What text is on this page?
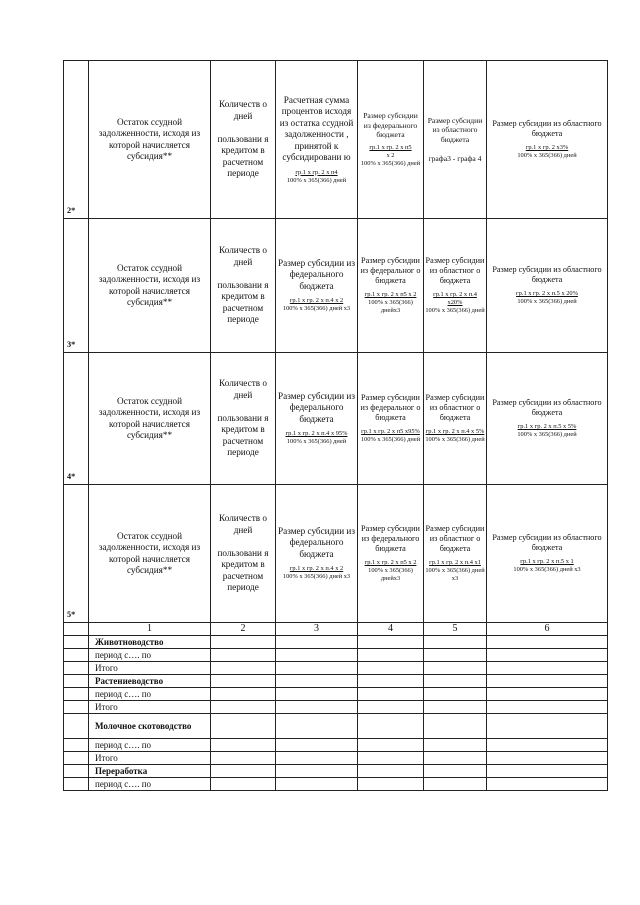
2*	Остаток ссудной задолженности, исходя из которой начисляется субсидия**	Количеств о дней

пользовани я кредитом в расчетном периоде	Расчетная сумма процентов исходя из остатка ссудной задолженности , принятой к субсидировани ю
гр.1 х гр. 2 х п4
100% х 365(366) дней	Размер субсидии из федерального бюджета
гр.1 х гр. 2 х п5
х 2
100% х 365(366) дней	Размер субсидии из областного бюджета

графа3 - графа 4	Размер субсидии из областного бюджета
гр.1 х гр. 2 х3%
100% х 365(366) дней

3*	Остаток ссудной задолженности, исходя из которой начисляется субсидия**	Количеств о дней

пользовани я кредитом в расчетном периоде	Размер субсидии из федерального бюджета
гр.1 х гр. 2 х п.4 х 2
100% х 365(366) дней х3	Размер субсидии из федеральног о бюджета
гр.1 х гр. 2 х п5 х 2
100% х 365(366) днейх3	Размер субсидии из областног о бюджета
гр.1 х гр. 2 х п.4 х20%
100% х 365(366) дней	Размер субсидии из областного бюджета
гр.1 х гр. 2 х п.5 х 20%
100% х 365(366) дней

4*	Остаток ссудной задолженности, исходя из которой начисляется субсидия**	Количеств о дней

пользовани я кредитом в расчетном периоде	Размер субсидии из федерального бюджета
гр.1 х гр. 2 х п.4 х 95%
100% х 365(366) дней	Размер субсидии из федеральног о бюджета
гр.1 х гр. 2 х п5 х95%
100% х 365(366) дней	Размер субсидии из областног о бюджета
гр.1 х гр. 2 х п.4 х 5%
100% х 365(366) дней	Размер субсидии из областного бюджета
гр.1 х гр. 2 х п.5 х 5%
100% х 365(366) дней

5*	Остаток ссудной задолженности, исходя из которой начисляется субсидия**	Количеств о дней

пользовани я кредитом в расчетном периоде	Размер субсидии из федерального бюджета
гр.1 х гр. 2 х п.4 х 2
100% х 365(366) дней х3	Размер субсидии из федерального бюджета
гр.1 х гр. 2 х п5 х 2
100% х 365(366) днейх3	Размер субсидии из областног о бюджета
гр.1 х гр. 2 х п.4 х1
100% х 365(366) дней х3	Размер субсидии из областного бюджета
гр.1 х гр. 2 х п.5 х 1
100% х 365(366) дней х3

	1	2	3	4	5	6
	Животноводство					
	период с…. по					
	Итого					
	Растениеводство					
	период с…. по					
	Итого					
	Молочное скотоводство					
	период с…. по					
	Итого					
	Переработка					
	период с…. по					
